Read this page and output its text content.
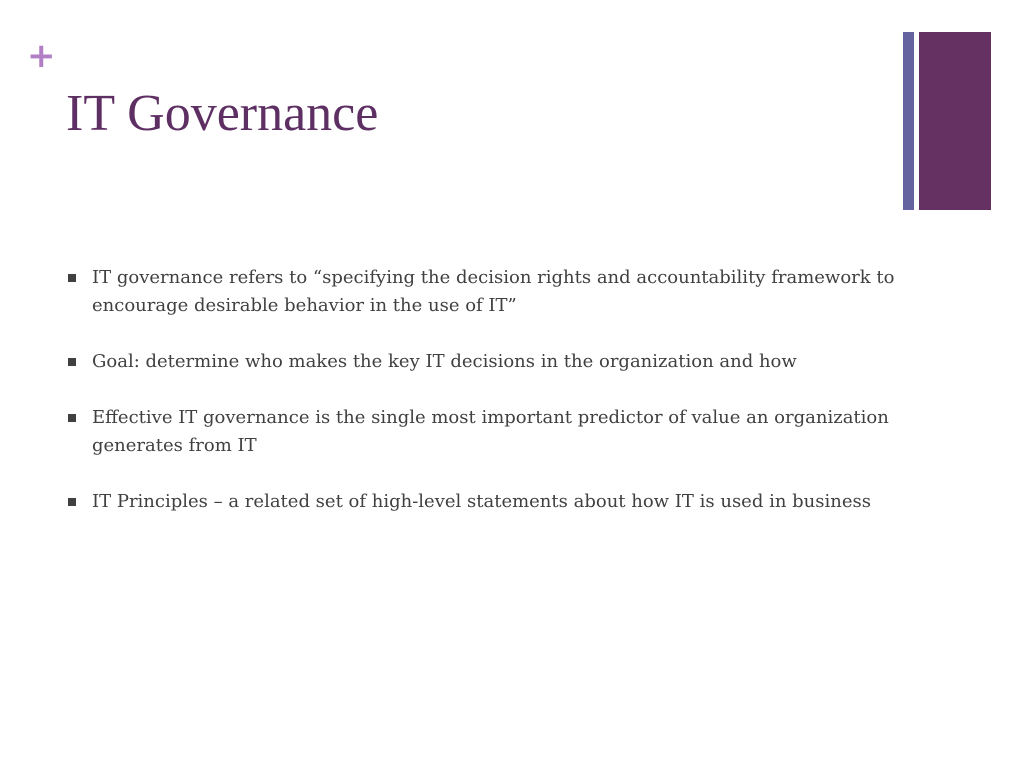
+
IT Governance
IT governance refers to “specifying the decision rights and accountability framework to encourage desirable behavior in the use of IT”
Goal: determine who makes the key IT decisions in the organization and how
Effective IT governance is the single most important predictor of value an organization generates from IT
IT Principles – a related set of high-level statements about how IT is used in business
